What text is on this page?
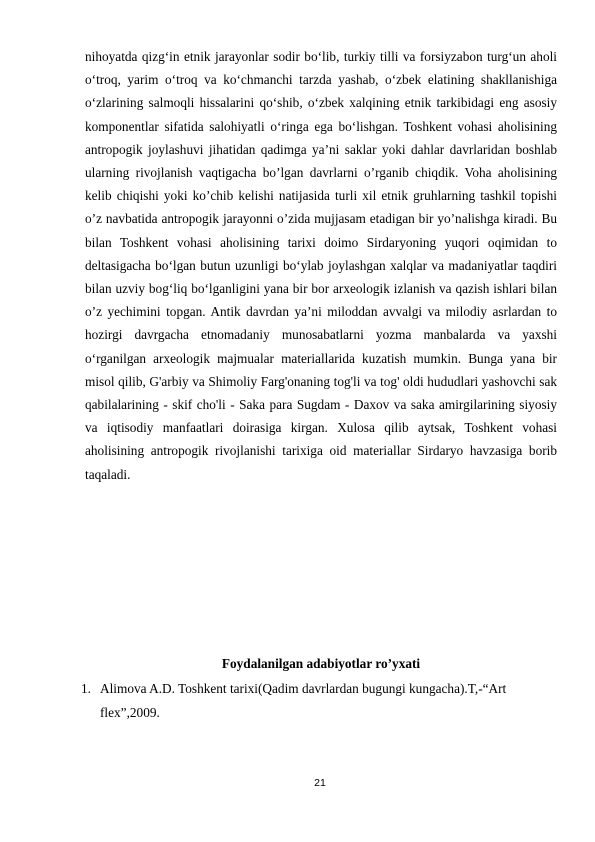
nihoyatda qizg‘in etnik jarayonlar sodir bo‘lib, turkiy tilli va forsiyzabon turg‘un aholi o‘troq, yarim o‘troq va ko‘chmanchi tarzda yashab, o‘zbek elatining shakllanishiga o‘zlarining salmoqli hissalarini qo‘shib, o‘zbek xalqining etnik tarkibidagi eng asosiy komponentlar sifatida salohiyatli o‘ringa ega bo‘lishgan. Toshkent vohasi aholisining antropogik joylashuvi jihatidan qadimga ya’ni saklar yoki dahlar davrlaridan boshlab ularning rivojlanish vaqtigacha bo’lgan davrlarni o’rganib chiqdik. Voha aholisining kelib chiqishi yoki ko’chib kelishi natijasida turli xil etnik gruhlarning tashkil topishi o’z navbatida antropogik jarayonni o’zida mujjasam etadigan bir yo’nalishga kiradi. Bu bilan Toshkent vohasi aholisining tarixi doimo Sirdaryoning yuqori oqimidan to deltasigacha bo‘lgan butun uzunligi bo‘ylab joylashgan xalqlar va madaniyatlar taqdiri bilan uzviy bog‘liq bo‘lganligini yana bir bor arxeologik izlanish va qazish ishlari bilan o’z yechimini topgan. Antik davrdan ya’ni miloddan avvalgi va milodiy asrlardan to hozirgi davrgacha etnomadaniy munosabatlarni yozma manbalarda va yaxshi o‘rganilgan arxeologik majmualar materiallarida kuzatish mumkin. Bunga yana bir misol qilib, G'arbiy va Shimoliy Farg'onaning tog'li va tog' oldi hududlari yashovchi sak qabilalarining - skif cho'li - Saka para Sugdam - Daxov va saka amirgilarining siyosiy va iqtisodiy manfaatlari doirasiga kirgan. Xulosa qilib aytsak, Toshkent vohasi aholisining antropogik rivojlanishi tarixiga oid materiallar Sirdaryo havzasiga borib taqaladi.

Foydalanilgan adabiyotlar ro’yxati
1. Alimova A.D. Toshkent tarixi(Qadim davrlardan bugungi kungacha).T,-“Art flex”,2009.
21
